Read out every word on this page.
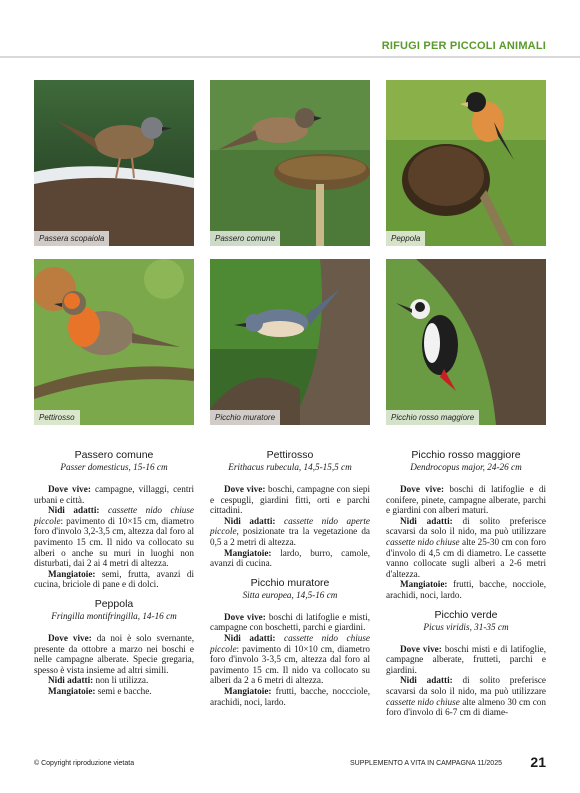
RIFUGI PER PICCOLI ANIMALI
Passera scopaiola	Passero comune	Peppola
Pettirosso	Picchio muratore	Picchio rosso maggiore
Passero comune
Passer domesticus, 15-16 cm

Dove vive: campagne, villaggi, centri urbani e città.

Nidi adatti: cassette nido chiuse piccole: pavimento di 10×15 cm, diametro foro d'involo 3,2-3,5 cm, altezza dal foro al pavimento 15 cm. Il nido va collocato su alberi o anche su muri in luoghi non disturbati, dai 2 ai 4 metri di altezza.

Mangiatoie: semi, frutta, avanzi di cucina, briciole di pane e di dolci.

Peppola
Fringilla montifringilla, 14-16 cm

Dove vive: da noi è solo svernante, presente da ottobre a marzo nei boschi e nelle campagne alberate. Specie gregaria, spesso è vista insieme ad altri simili.

Nidi adatti: non li utilizza.

Mangiatoie: semi e bacche.

Pettirosso
Erithacus rubecula, 14,5-15,5 cm

Dove vive: boschi, campagne con siepi e cespugli, giardini fitti, orti e parchi cittadini.

Nidi adatti: cassette nido aperte piccole, posizionate tra la vegetazione da 0,5 a 2 metri di altezza.

Mangiatoie: lardo, burro, camole, avanzi di cucina.

Picchio muratore
Sitta europea, 14,5-16 cm

Dove vive: boschi di latifoglie e misti, campagne con boschetti, parchi e giardini.

Nidi adatti: cassette nido chiuse piccole: pavimento di 10×10 cm, diametro foro d'involo 3-3,5 cm, altezza dal foro al pavimento 15 cm. Il nido va collocato su alberi da 2 a 6 metri di altezza.

Mangiatoie: frutti, bacche, noccciole, arachidi, noci, lardo.

Picchio rosso maggiore
Dendrocopus major, 24-26 cm

Dove vive: boschi di latifoglie e di conifere, pinete, campagne alberate, parchi e giardini con alberi maturi.

Nidi adatti: di solito preferisce scavarsi da solo il nido, ma può utilizzare cassette nido chiuse alte 25-30 cm con foro d'involo di 4,5 cm di diametro. Le cassette vanno collocate sugli alberi a 2-6 metri d'altezza.

Mangiatoie: frutti, bacche, nocciole, arachidi, noci, lardo.

Picchio verde
Picus viridis, 31-35 cm

Dove vive: boschi misti e di latifoglie, campagne alberate, frutteti, parchi e giardini.

Nidi adatti: di solito preferisce scavarsi da solo il nido, ma può utilizzare cassette nido chiuse alte almeno 30 cm con foro d'involo di 6-7 cm di diame-

© Copyright riproduzione vietata	SUPPLEMENTO A VITA IN CAMPAGNA 11/2025 21
